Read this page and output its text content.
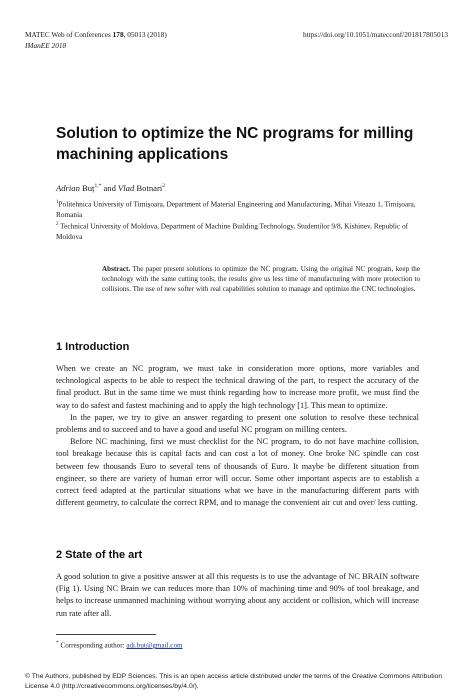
MATEC Web of Conferences 178, 05013 (2018)
IManEE 2018
https://doi.org/10.1051/matecconf/201817805013
Solution to optimize the NC programs for milling machining applications
Adrian Buț$^{1,*}$ and Vlad Botnari$^2$
$^1$Politehnica University of Timișoara, Department of Material Engineering and Manufacturing, Mihai Viteazu 1, Timișoara, Romania
$^2$ Technical University of Moldova, Department of Machine Building Technology, Studentilor 9/8, Kishinev, Republic of Moldova
Abstract. The paper present solutions to optimize the NC program. Using the original NC program, keep the technology with the same cutting tools, the results give us less time of manufacturing with more protection to collisions. The use of new softer with real capabilities solution to manage and optimize the CNC technologies.
1 Introduction

When we create an NC program, we must take in consideration more options, more variables and technological aspects to be able to respect the technical drawing of the part, to respect the accuracy of the final product. But in the same time we must think regarding how to increase more profit, we must find the way to do safest and fastest machining and to apply the high technology [1]. This mean to optimize.

In the paper, we try to give an answer regarding to present one solution to resolve these technical problems and to succeed and to have a good and useful NC program on milling centers.

Before NC machining, first we must checklist for the NC program, to do not have machine collision, tool breakage because this is capital facts and can cost a lot of money. One broke NC spindle can cost between few thousands Euro to several tens of thousands of Euro. It maybe be different situation from engineer, so there are variety of human error will occur. Some other important aspects are to establish a correct feed adapted at the particular situations what we have in the manufacturing different parts with different geometry, to calculate the correct RPM, and to manage the convenient air cut and over/ less cutting.

2 State of the art

A good solution to give a positive answer at all this requests is to use the advantage of NC BRAIN software (Fig 1). Using NC Brain we can reduces more than 10% of machining time and 90% of tool breakage, and helps to increase unmanned machining without worrying about any accident or collision, which will increase run rate after all.

* Corresponding author: adi.but@gmail.com
© The Authors, published by EDP Sciences. This is an open access article distributed under the terms of the Creative Commons Attribution License 4.0 (http://creativecommons.org/licenses/by/4.0/).
